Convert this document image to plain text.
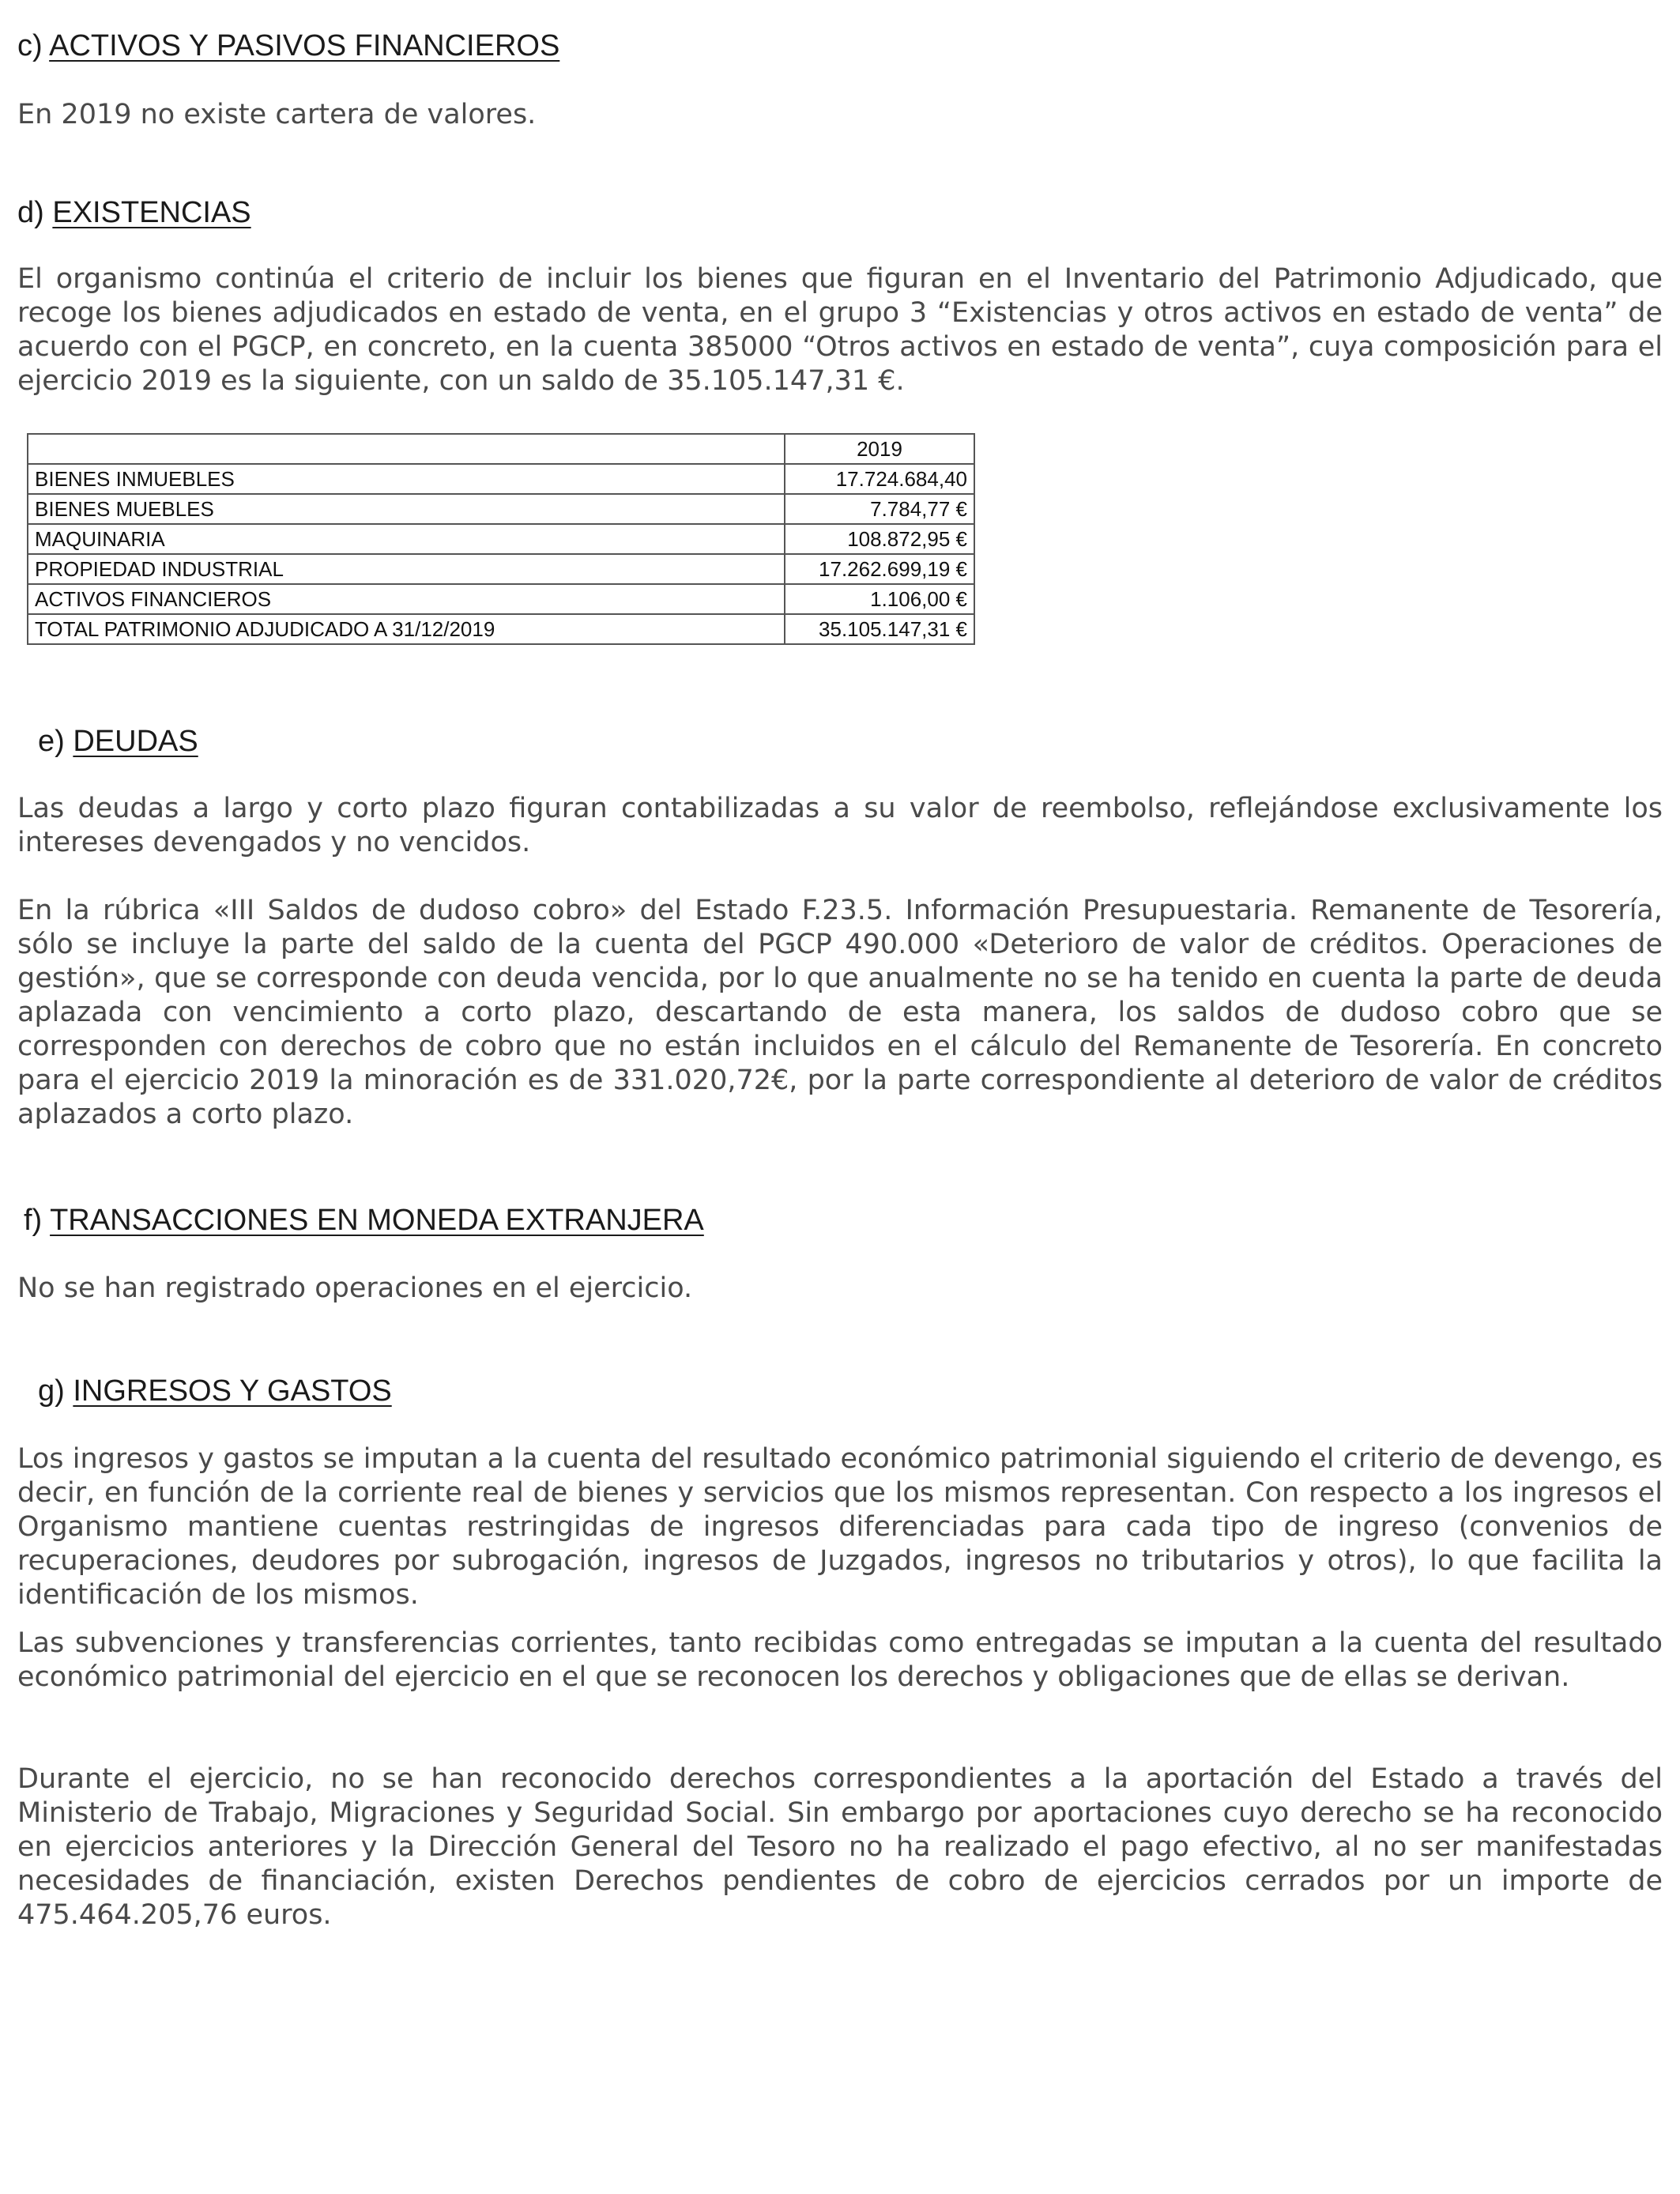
c) ACTIVOS Y PASIVOS FINANCIEROS
En 2019 no existe cartera de valores.
d) EXISTENCIAS
El organismo continúa el criterio de incluir los bienes que figuran en el Inventario del Patrimonio Adjudicado, que recoge los bienes adjudicados en estado de venta, en el grupo 3 “Existencias y otros activos en estado de venta” de acuerdo con el PGCP, en concreto, en la cuenta 385000 “Otros activos en estado de venta”, cuya composición para el ejercicio 2019 es la siguiente, con un saldo de 35.105.147,31 €.
	2019
BIENES INMUEBLES	17.724.684,40
BIENES MUEBLES	7.784,77 €
MAQUINARIA	108.872,95 €
PROPIEDAD INDUSTRIAL	17.262.699,19 €
ACTIVOS FINANCIEROS	1.106,00 €
TOTAL PATRIMONIO ADJUDICADO A 31/12/2019	35.105.147,31 €
e) DEUDAS
Las deudas a largo y corto plazo figuran contabilizadas a su valor de reembolso, reflejándose exclusivamente los intereses devengados y no vencidos.
En la rúbrica «III Saldos de dudoso cobro» del Estado F.23.5. Información Presupuestaria. Remanente de Tesorería, sólo se incluye la parte del saldo de la cuenta del PGCP 490.000 «Deterioro de valor de créditos. Operaciones de gestión», que se corresponde con deuda vencida, por lo que anualmente no se ha tenido en cuenta la parte de deuda aplazada con vencimiento a corto plazo, descartando de esta manera, los saldos de dudoso cobro que se corresponden con derechos de cobro que no están incluidos en el cálculo del Remanente de Tesorería. En concreto para el ejercicio 2019 la minoración es de 331.020,72€, por la parte correspondiente al deterioro de valor de créditos aplazados a corto plazo.
f) TRANSACCIONES EN MONEDA EXTRANJERA
No se han registrado operaciones en el ejercicio.
g) INGRESOS Y GASTOS
Los ingresos y gastos se imputan a la cuenta del resultado económico patrimonial siguiendo el criterio de devengo, es decir, en función de la corriente real de bienes y servicios que los mismos representan. Con respecto a los ingresos el Organismo mantiene cuentas restringidas de ingresos diferenciadas para cada tipo de ingreso (convenios de recuperaciones, deudores por subrogación, ingresos de Juzgados, ingresos no tributarios y otros), lo que facilita la identificación de los mismos.
Las subvenciones y transferencias corrientes, tanto recibidas como entregadas se imputan a la cuenta del resultado económico patrimonial del ejercicio en el que se reconocen los derechos y obligaciones que de ellas se derivan.
Durante el ejercicio, no se han reconocido derechos correspondientes a la aportación del Estado a través del Ministerio de Trabajo, Migraciones y Seguridad Social. Sin embargo por aportaciones cuyo derecho se ha reconocido en ejercicios anteriores y la Dirección General del Tesoro no ha realizado el pago efectivo, al no ser manifestadas necesidades de financiación, existen Derechos pendientes de cobro de ejercicios cerrados por un importe de 475.464.205,76 euros.
